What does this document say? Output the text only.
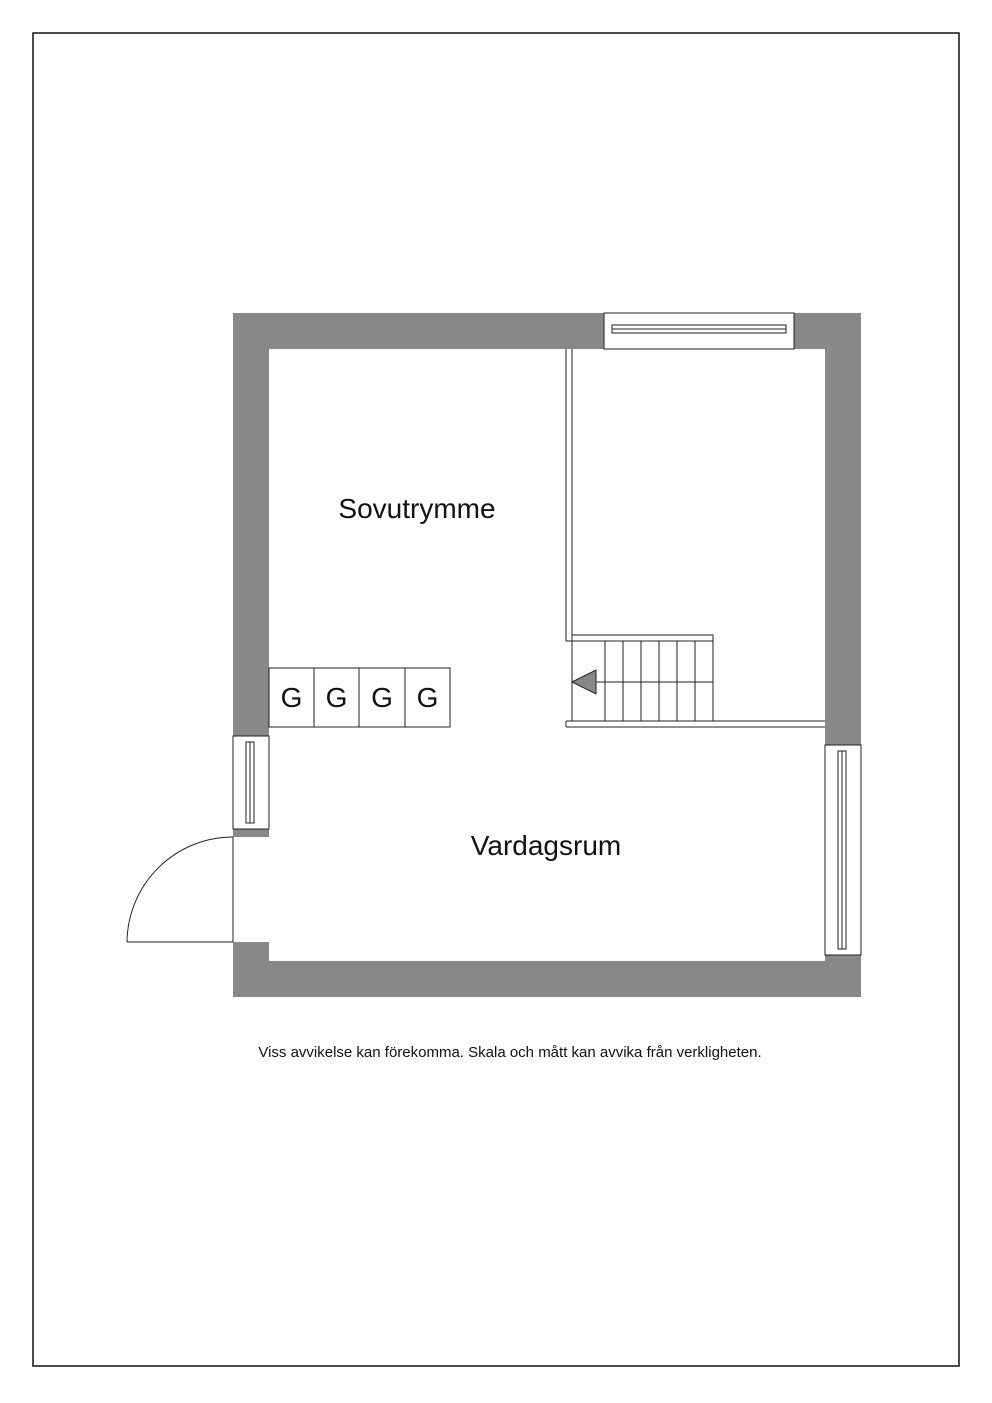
G G G G
Sovutrymme
Vardagsrum
Viss avvikelse kan förekomma. Skala och mått kan avvika från verkligheten.
